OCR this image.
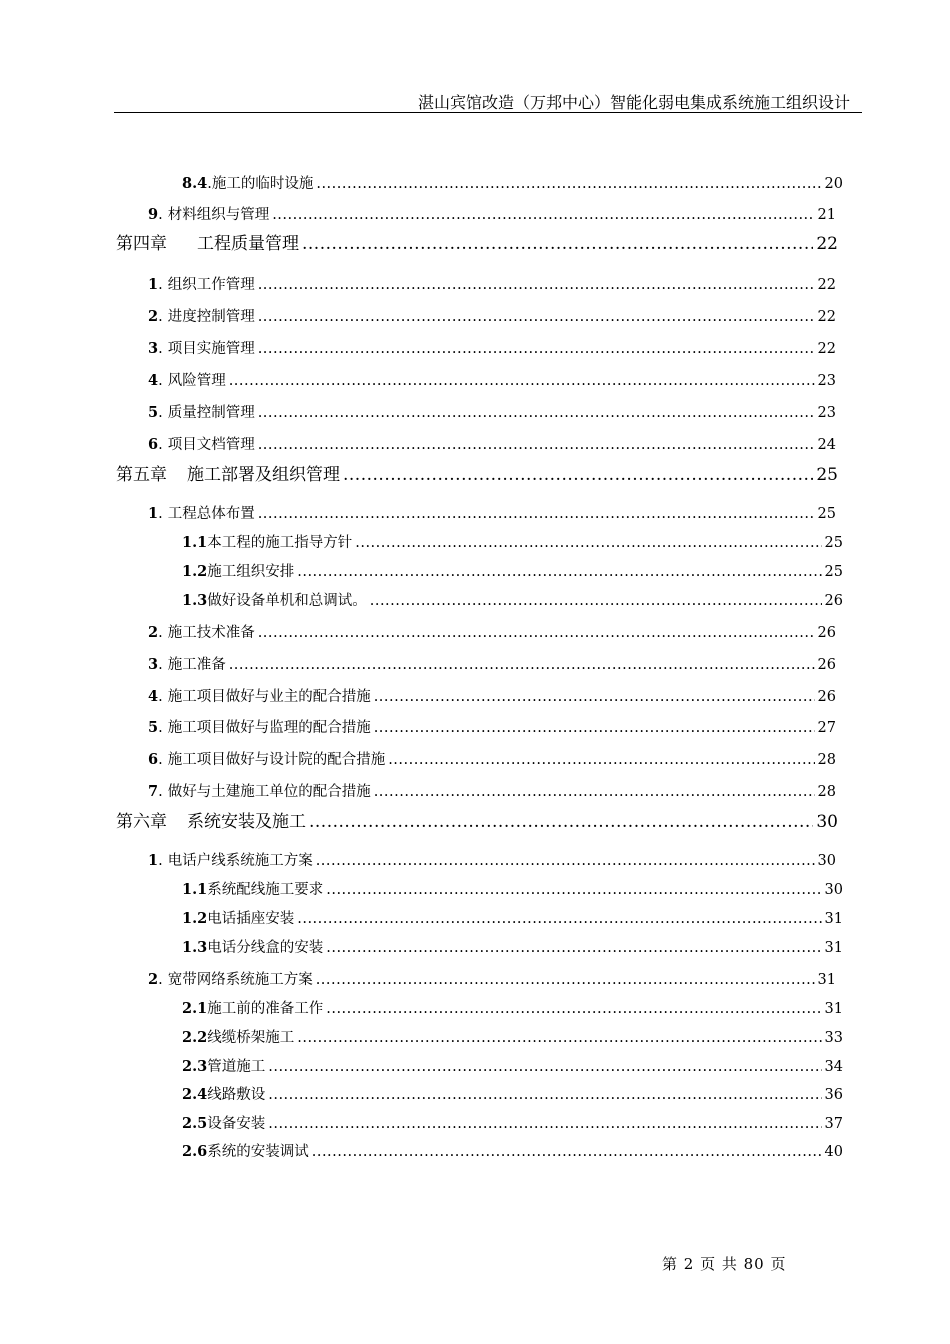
湛山宾馆改造（万邦中心）智能化弱电集成系统施工组织设计
8.4 . 施工的临时设施 .....	20
9 . 材料组织与管理 .....	21
第四章 工程质量管理 .....	22
1 . 组织工作管理 .....	22
2 . 进度控制管理 .....	22
3 . 项目实施管理 .....	22
4 . 风险管理 .....	23
5 . 质量控制管理 .....	23
6 . 项目文档管理 .....	24
第五章 施工部署及组织管理 .....	25
1 . 工程总体布置 .....	25
1.1 本工程的施工指导方针 .....	25
1.2 施工组织安排 .....	25
1.3 做好设备单机和总调试。 .....	26
2 . 施工技术准备 .....	26
3 . 施工准备 .....	26
4 . 施工项目做好与业主的配合措施 .....	26
5 . 施工项目做好与监理的配合措施 .....	27
6 . 施工项目做好与设计院的配合措施 .....	28
7 . 做好与土建施工单位的配合措施 .....	28
第六章 系统安装及施工 .....	30
1 . 电话户线系统施工方案 .....	30
1.1 系统配线施工要求 .....	30
1.2 电话插座安装 .....	31
1.3 电话分线盒的安装 .....	31
2 . 宽带网络系统施工方案 .....	31
2.1 施工前的准备工作 .....	31
2.2 线缆桥架施工 .....	33
2.3 管道施工 .....	34
2.4 线路敷设 .....	36
2.5 设备安装 .....	37
2.6 系统的安装调试 .....	40
第 2 页 共 80 页
